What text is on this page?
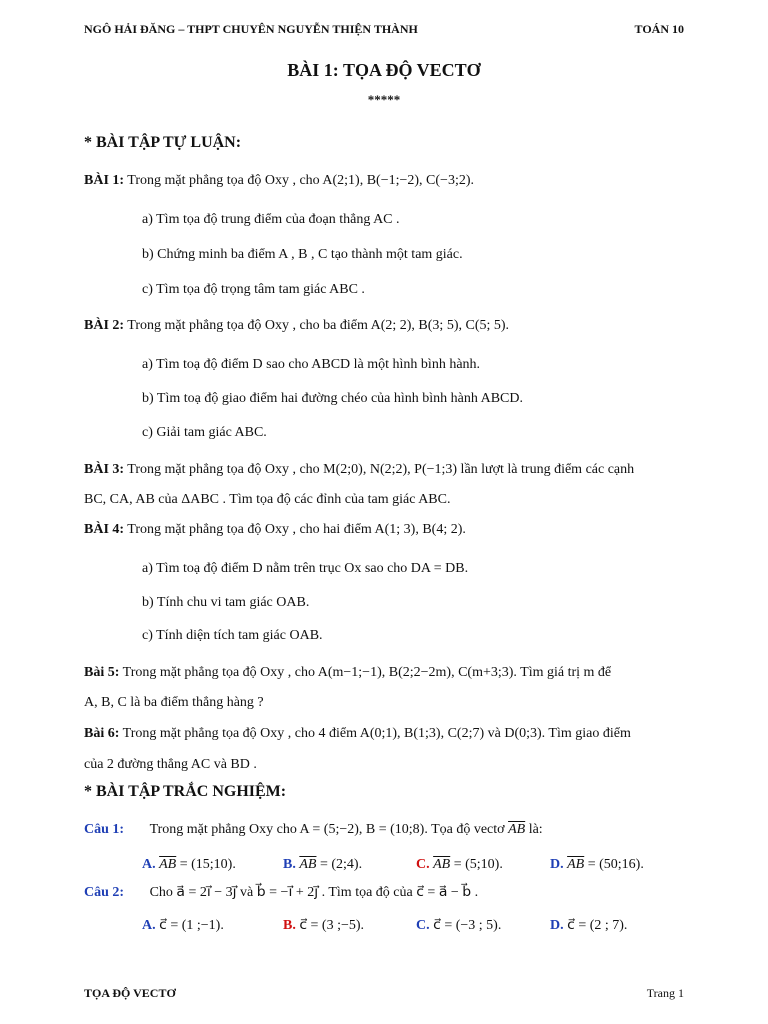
NGÔ HẢI ĐĂNG – THPT CHUYÊN NGUYỄN THIỆN THÀNH	TOÁN 10
BÀI 1: TỌA ĐỘ VECTƠ
*****
* BÀI TẬP TỰ LUẬN:
BÀI 1: Trong mặt phẳng tọa độ Oxy , cho A(2;1), B(−1;−2), C(−3;2).
a) Tìm tọa độ trung điểm của đoạn thẳng AC .
b) Chứng minh ba điểm A , B , C tạo thành một tam giác.
c) Tìm tọa độ trọng tâm tam giác ABC .
BÀI 2: Trong mặt phẳng tọa độ Oxy , cho ba điểm A(2; 2), B(3; 5), C(5; 5).
a) Tìm toạ độ điểm D sao cho ABCD là một hình bình hành.
b) Tìm toạ độ giao điểm hai đường chéo của hình bình hành ABCD.
c) Giải tam giác ABC.
BÀI 3: Trong mặt phẳng tọa độ Oxy , cho M(2;0), N(2;2), P(−1;3) lần lượt là trung điểm các cạnh
BC, CA, AB của ΔABC . Tìm tọa độ các đỉnh của tam giác ABC.
BÀI 4: Trong mặt phẳng tọa độ Oxy , cho hai điểm A(1; 3), B(4; 2).
a) Tìm toạ độ điểm D nằm trên trục Ox sao cho DA = DB.
b) Tính chu vi tam giác OAB.
c) Tính diện tích tam giác OAB.
Bài 5: Trong mặt phẳng tọa độ Oxy , cho A(m−1;−1), B(2;2−2m), C(m+3;3). Tìm giá trị m để
A, B, C là ba điểm thẳng hàng ?
Bài 6: Trong mặt phẳng tọa độ Oxy , cho 4 điểm A(0;1), B(1;3), C(2;7) và D(0;3). Tìm giao điểm
của 2 đường thẳng AC và BD .
* BÀI TẬP TRẮC NGHIỆM:
Câu 1: Trong mặt phẳng Oxy cho A = (5;−2), B = (10;8). Tọa độ vectơ $\overline{AB}$ là:
A. $\overline{AB}$ = (15;10).	B. $\overline{AB}$ = (2;4).	C. $\overline{AB}$ = (5;10).	D. $\overline{AB}$ = (50;16).
Câu 2: Cho a⃗ = 2i⃗ − 3j⃗ và b⃗ = −i⃗ + 2j⃗ . Tìm tọa độ của c⃗ = a⃗ − b⃗ .
A. c⃗ = (1 ;−1).	B. c⃗ = (3 ;−5).	C. c⃗ = (−3 ; 5).	D. c⃗ = (2 ; 7).
TỌA ĐỘ VECTƠ	Trang 1
